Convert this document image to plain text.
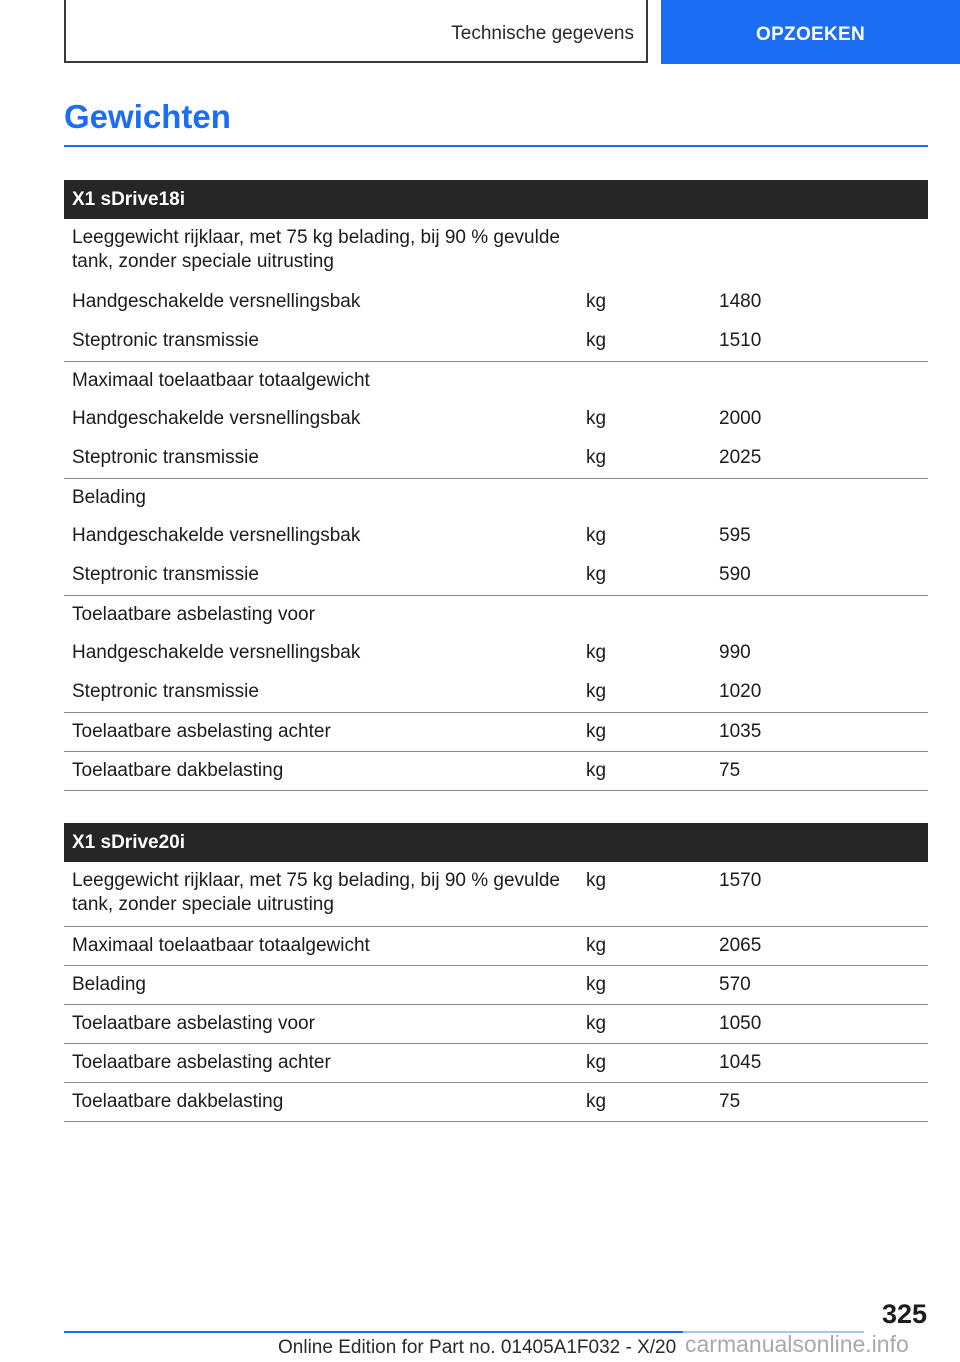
Technische gegevens	OPZOEKEN
Gewichten
X1 sDrive18i		
Leeggewicht rijklaar, met 75 kg belading, bij 90 % gevulde tank, zonder speciale uitrusting		
Handgeschakelde versnellingsbak	kg	1480
Steptronic transmissie	kg	1510
Maximaal toelaatbaar totaalgewicht		
Handgeschakelde versnellingsbak	kg	2000
Steptronic transmissie	kg	2025
Belading		
Handgeschakelde versnellingsbak	kg	595
Steptronic transmissie	kg	590
Toelaatbare asbelasting voor		
Handgeschakelde versnellingsbak	kg	990
Steptronic transmissie	kg	1020
Toelaatbare asbelasting achter	kg	1035
Toelaatbare dakbelasting	kg	75
X1 sDrive20i		
Leeggewicht rijklaar, met 75 kg belading, bij 90 % gevulde tank, zonder speciale uitrusting	kg	1570
Maximaal toelaatbaar totaalgewicht	kg	2065
Belading	kg	570
Toelaatbare asbelasting voor	kg	1050
Toelaatbare asbelasting achter	kg	1045
Toelaatbare dakbelasting	kg	75
325
Online Edition for Part no. 01405A1F032 - X/20 carmanualsonline.info
